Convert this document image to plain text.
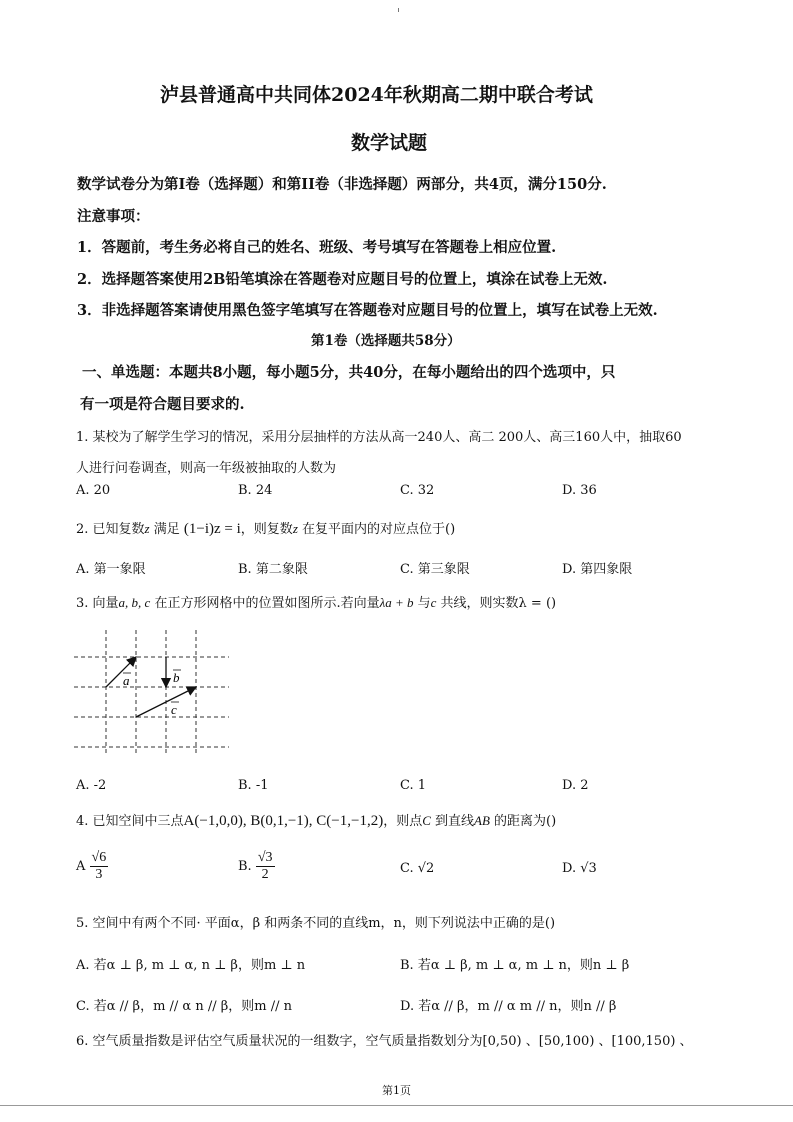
泸县普通高中共同体2024年秋期高二期中联合考试
数学试题
数学试卷分为第I卷（选择题）和第II卷（非选择题）两部分，共4页，满分150分.
注意事项：
1．答题前，考生务必将自己的姓名、班级、考号填写在答题卷上相应位置.
2．选择题答案使用2B铅笔填涂在答题卷对应题目号的位置上，填涂在试卷上无效.
3．非选择题答案请使用黑色签字笔填写在答题卷对应题目号的位置上，填写在试卷上无效.
第1卷（选择题共58分）
一、单选题：本题共8小题，每小题5分，共40分，在每小题给出的四个选项中，只
有一项是符合题目要求的.
1. 某校为了解学生学习的情况，采用分层抽样的方法从高一240人、高二 200人、高三160人中，抽取60
人进行问卷调查，则高一年级被抽取的人数为
A. 20	B. 24	C. 32	D. 36
2. 已知复数z 满足 (1−i)z = i，则复数z 在复平面内的对应点位于()
A. 第一象限	B. 第二象限	C. 第三象限	D. 第四象限
3. 向量a, b, c 在正方形网格中的位置如图所示.若向量λa + b 与c 共线，则实数λ = ()
a	b
c
A. -2	B. -1	C. 1	D. 2
4. 已知空间中三点A(−1,0,0), B(0,1,−1), C(−1,−1,2)，则点C 到直线AB 的距离为()
A $\frac{√6}{3}$	B. $\frac{√3}{2}$	C. √2	D. √3
5. 空间中有两个不同· 平面α，β 和两条不同的直线m，n，则下列说法中正确的是()
A. 若α ⊥ β, m ⊥ α, n ⊥ β，则m ⊥ n	B. 若α ⊥ β, m ⊥ α, m ⊥ n，则n ⊥ β
C. 若α // β，m // α n // β，则m // n	D. 若α // β，m // α m // n，则n // β
6. 空气质量指数是评估空气质量状况的一组数字，空气质量指数划分为[0,50) 、[50,100) 、[100,150) 、
第1页
